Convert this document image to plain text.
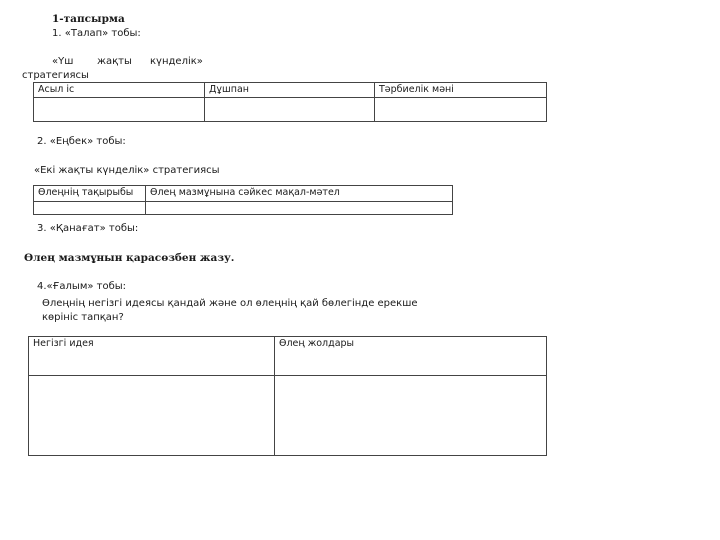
1-тапсырма
1. «Талап» тобы:
«Үш жақты күнделік»
стратегиясы
Асыл іс	Дұшпан	Тәрбиелік мәні

2. «Еңбек» тобы:
«Екі жақты күнделік» стратегиясы
Өлеңнің тақырыбы	Өлең мазмұнына сәйкес мақал-мәтел

3. «Қанағат» тобы:
Өлең мазмұнын қарасөзбен жазу.
4.«Ғалым» тобы:
Өлеңнің негізгі идеясы қандай және ол өлеңнің қай бөлегінде ерекше
көрініс тапқан?
Негізгі идея	Өлең жолдары
